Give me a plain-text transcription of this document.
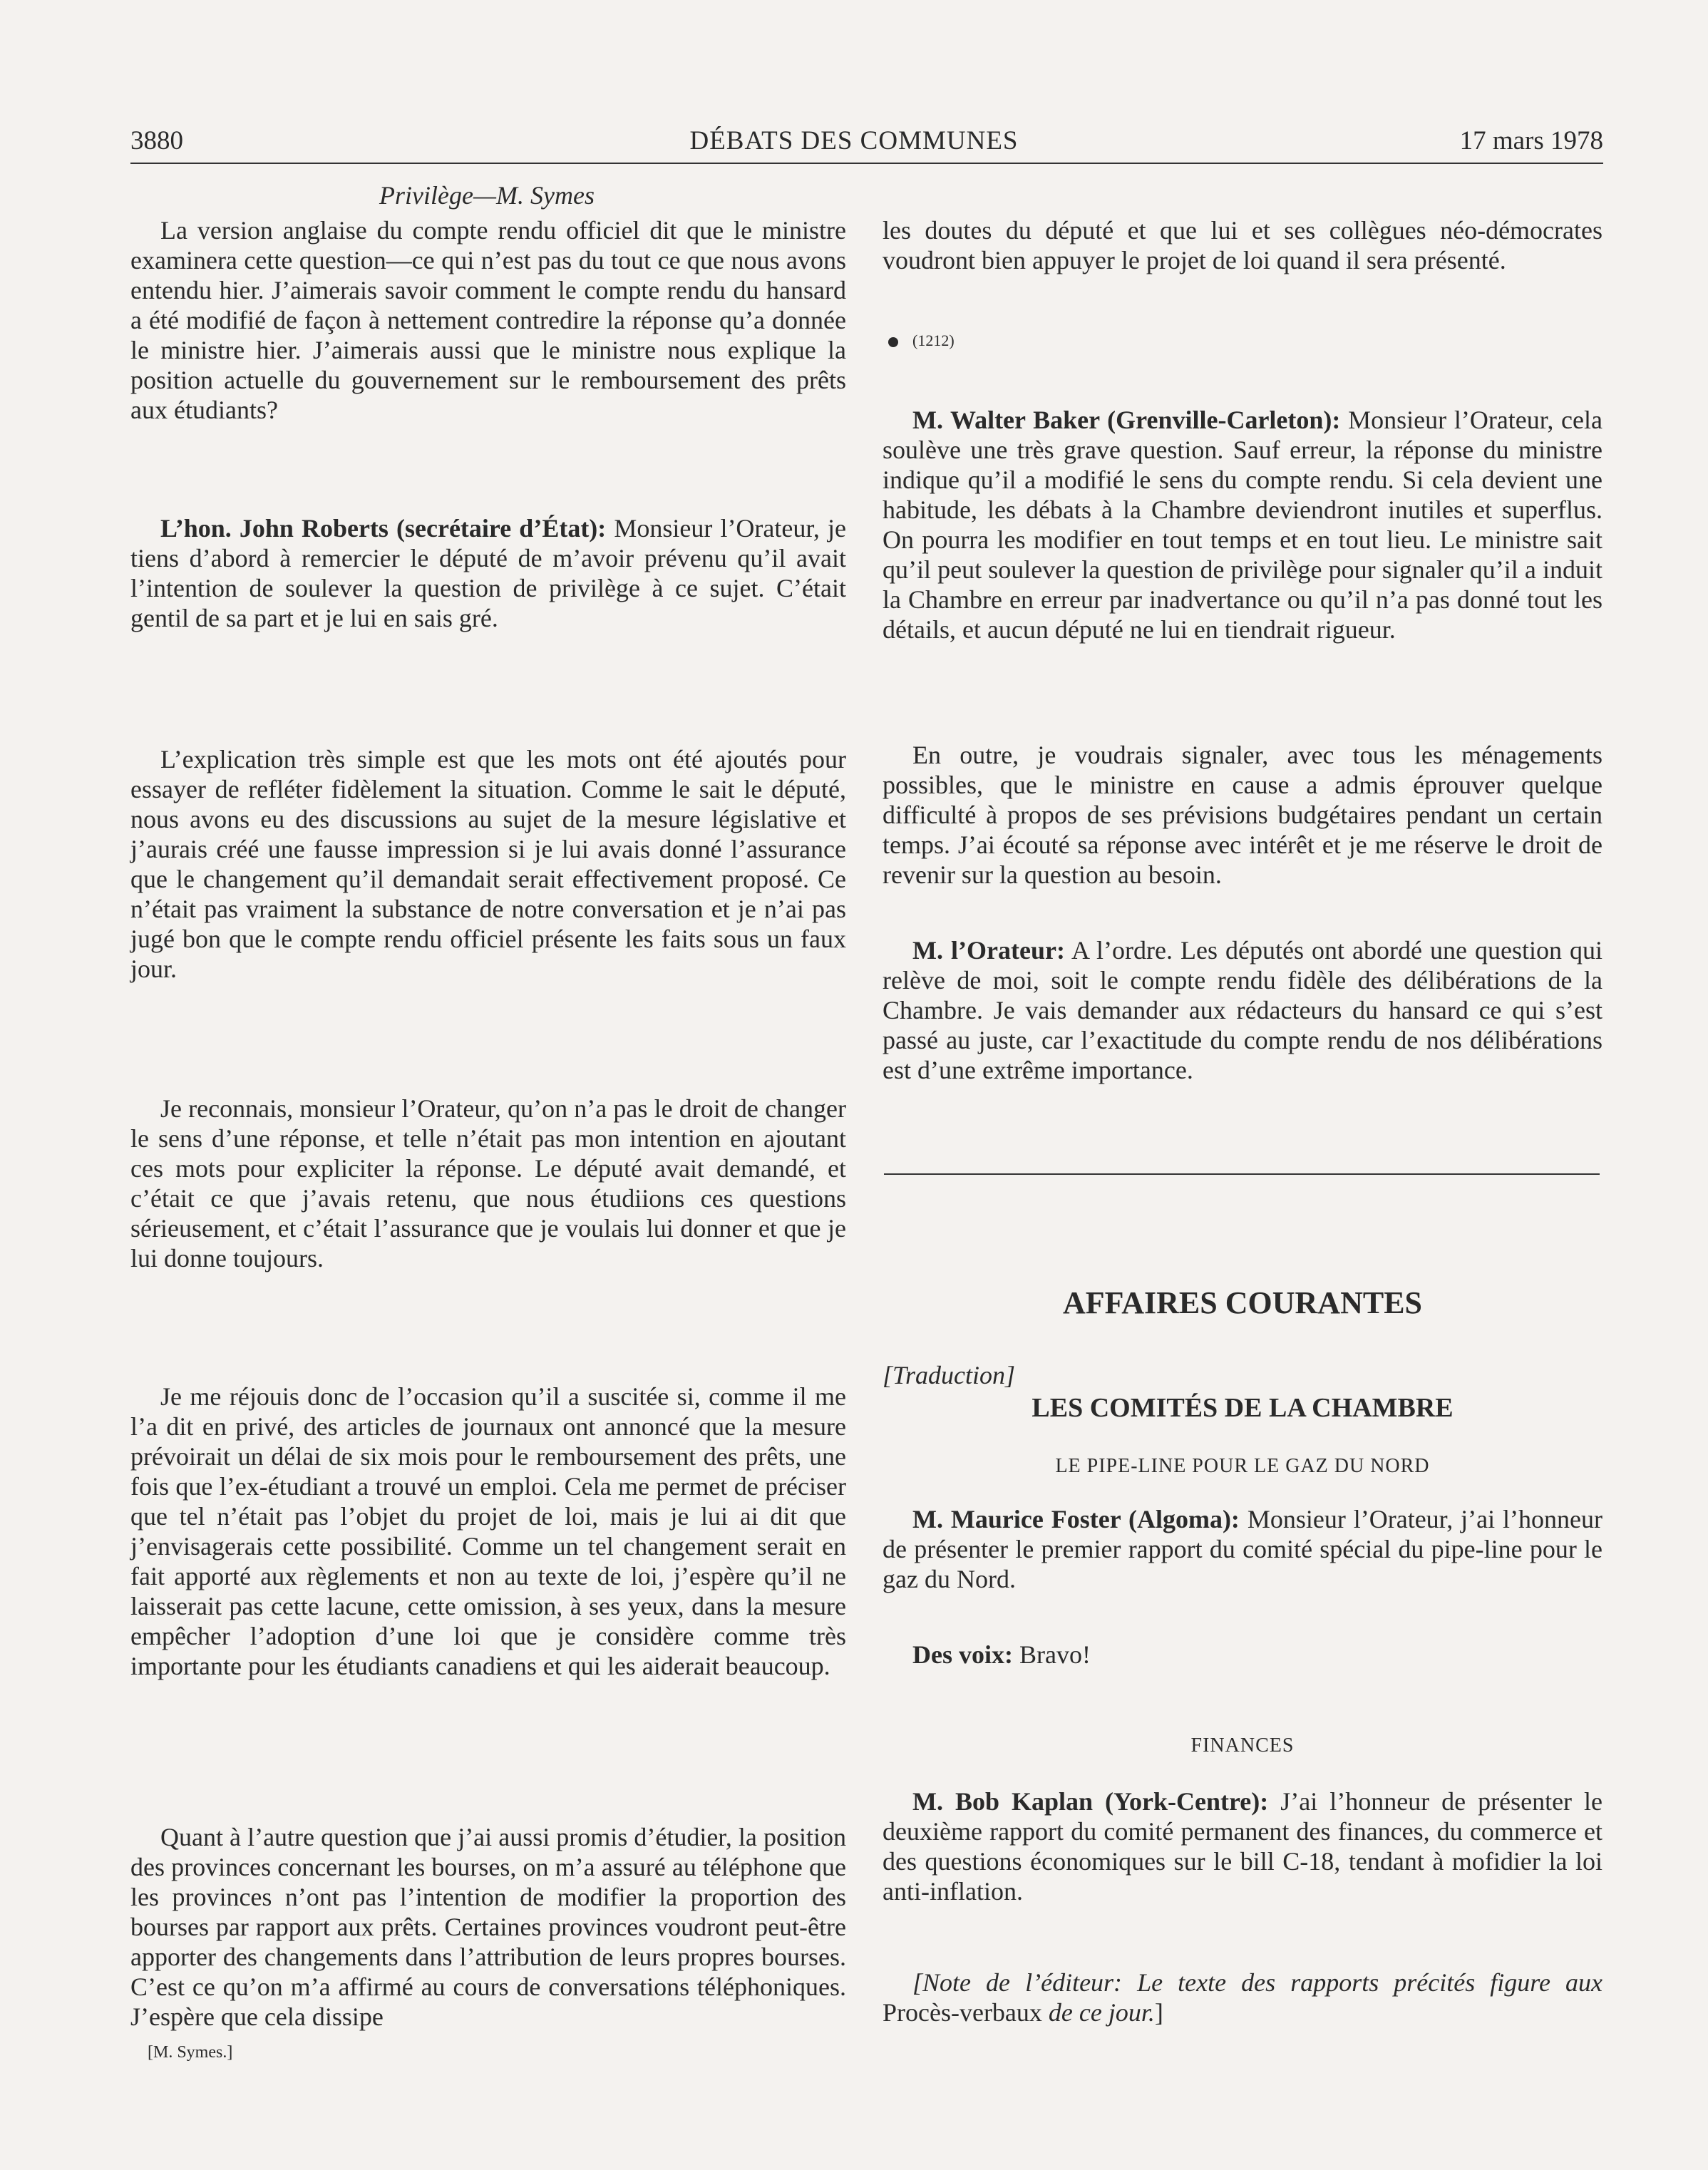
3880	DÉBATS DES COMMUNES	17 mars 1978
Privilège—M. Symes

La version anglaise du compte rendu officiel dit que le ministre examinera cette question—ce qui n’est pas du tout ce que nous avons entendu hier. J’aimerais savoir comment le compte rendu du hansard a été modifié de façon à nettement contredire la réponse qu’a donnée le ministre hier. J’aimerais aussi que le ministre nous explique la position actuelle du gouvernement sur le remboursement des prêts aux étudiants?

L’hon. John Roberts (secrétaire d’État): Monsieur l’Orateur, je tiens d’abord à remercier le député de m’avoir prévenu qu’il avait l’intention de soulever la question de privilège à ce sujet. C’était gentil de sa part et je lui en sais gré.

L’explication très simple est que les mots ont été ajoutés pour essayer de refléter fidèlement la situation. Comme le sait le député, nous avons eu des discussions au sujet de la mesure législative et j’aurais créé une fausse impression si je lui avais donné l’assurance que le changement qu’il demandait serait effectivement proposé. Ce n’était pas vraiment la substance de notre conversation et je n’ai pas jugé bon que le compte rendu officiel présente les faits sous un faux jour.

Je reconnais, monsieur l’Orateur, qu’on n’a pas le droit de changer le sens d’une réponse, et telle n’était pas mon intention en ajoutant ces mots pour expliciter la réponse. Le député avait demandé, et c’était ce que j’avais retenu, que nous étudiions ces questions sérieusement, et c’était l’assurance que je voulais lui donner et que je lui donne toujours.

Je me réjouis donc de l’occasion qu’il a suscitée si, comme il me l’a dit en privé, des articles de journaux ont annoncé que la mesure prévoirait un délai de six mois pour le remboursement des prêts, une fois que l’ex-étudiant a trouvé un emploi. Cela me permet de préciser que tel n’était pas l’objet du projet de loi, mais je lui ai dit que j’envisagerais cette possibilité. Comme un tel changement serait en fait apporté aux règlements et non au texte de loi, j’espère qu’il ne laisserait pas cette lacune, cette omission, à ses yeux, dans la mesure empêcher l’adoption d’une loi que je considère comme très importante pour les étudiants canadiens et qui les aiderait beaucoup.

Quant à l’autre question que j’ai aussi promis d’étudier, la position des provinces concernant les bourses, on m’a assuré au téléphone que les provinces n’ont pas l’intention de modifier la proportion des bourses par rapport aux prêts. Certaines provinces voudront peut-être apporter des changements dans l’attribution de leurs propres bourses. C’est ce qu’on m’a affirmé au cours de conversations téléphoniques. J’espère que cela dissipe

[M. Symes.]

les doutes du député et que lui et ses collègues néo-démocrates voudront bien appuyer le projet de loi quand il sera présenté.

(1212)

M. Walter Baker (Grenville-Carleton): Monsieur l’Orateur, cela soulève une très grave question. Sauf erreur, la réponse du ministre indique qu’il a modifié le sens du compte rendu. Si cela devient une habitude, les débats à la Chambre deviendront inutiles et superflus. On pourra les modifier en tout temps et en tout lieu. Le ministre sait qu’il peut soulever la question de privilège pour signaler qu’il a induit la Chambre en erreur par inadvertance ou qu’il n’a pas donné tout les détails, et aucun député ne lui en tiendrait rigueur.

En outre, je voudrais signaler, avec tous les ménagements possibles, que le ministre en cause a admis éprouver quelque difficulté à propos de ses prévisions budgétaires pendant un certain temps. J’ai écouté sa réponse avec intérêt et je me réserve le droit de revenir sur la question au besoin.

M. l’Orateur: A l’ordre. Les députés ont abordé une question qui relève de moi, soit le compte rendu fidèle des délibérations de la Chambre. Je vais demander aux rédacteurs du hansard ce qui s’est passé au juste, car l’exactitude du compte rendu de nos délibérations est d’une extrême importance.

AFFAIRES COURANTES

[Traduction]

LES COMITÉS DE LA CHAMBRE

LE PIPE-LINE POUR LE GAZ DU NORD

M. Maurice Foster (Algoma): Monsieur l’Orateur, j’ai l’honneur de présenter le premier rapport du comité spécial du pipe-line pour le gaz du Nord.

Des voix: Bravo!

FINANCES

M. Bob Kaplan (York-Centre): J’ai l’honneur de présenter le deuxième rapport du comité permanent des finances, du commerce et des questions économiques sur le bill C-18, tendant à mofidier la loi anti-inflation.

[Note de l’éditeur: Le texte des rapports précités figure aux Procès-verbaux de ce jour.]
